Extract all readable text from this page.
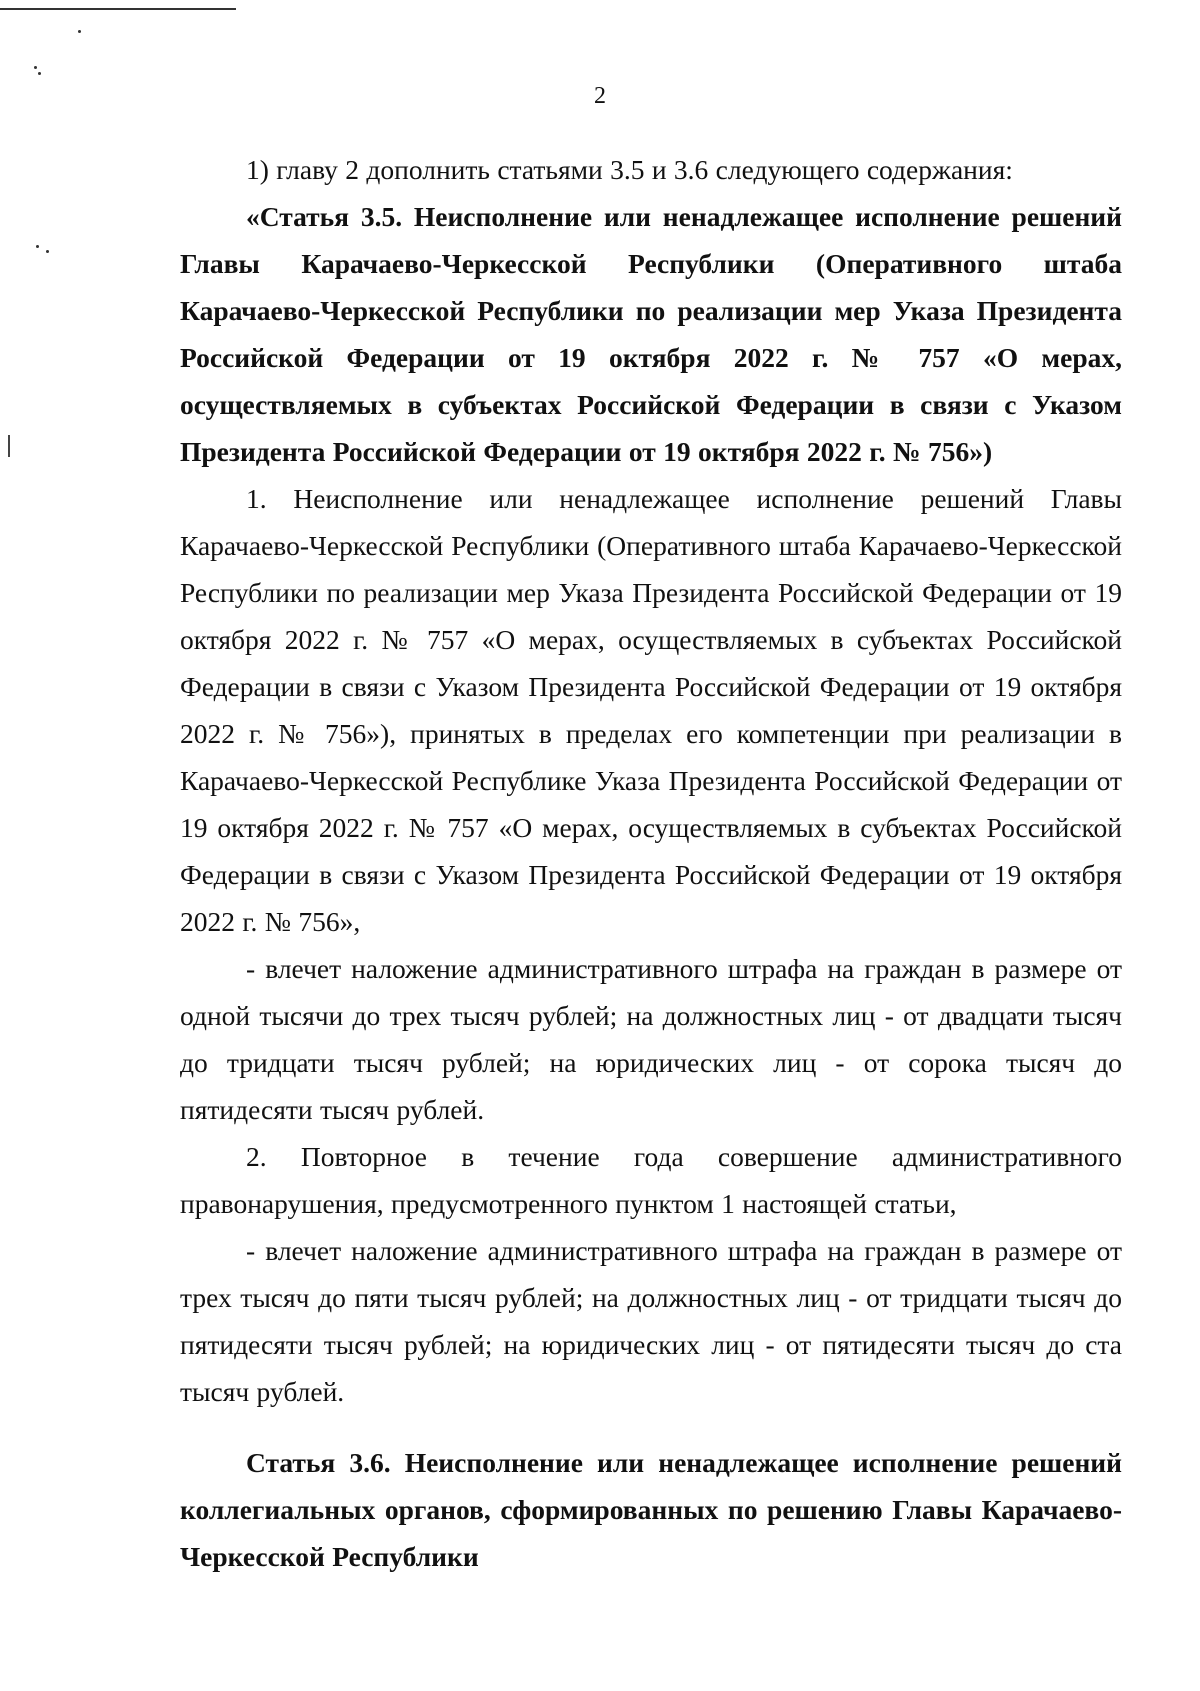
2

1) главу 2 дополнить статьями 3.5 и 3.6 следующего содержания:

«Статья 3.5. Неисполнение или ненадлежащее исполнение решений Главы Карачаево-Черкесской Республики (Оперативного штаба Карачаево-Черкесской Республики по реализации мер Указа Президента Российской Федерации от 19 октября 2022 г. № 757 «О мерах, осуществляемых в субъектах Российской Федерации в связи с Указом Президента Российской Федерации от 19 октября 2022 г. № 756»)

1. Неисполнение или ненадлежащее исполнение решений Главы Карачаево-Черкесской Республики (Оперативного штаба Карачаево-Черкесской Республики по реализации мер Указа Президента Российской Федерации от 19 октября 2022 г. № 757 «О мерах, осуществляемых в субъектах Российской Федерации в связи с Указом Президента Российской Федерации от 19 октября 2022 г. № 756»), принятых в пределах его компетенции при реализации в Карачаево-Черкесской Республике Указа Президента Российской Федерации от 19 октября 2022 г. № 757 «О мерах, осуществляемых в субъектах Российской Федерации в связи с Указом Президента Российской Федерации от 19 октября 2022 г. № 756»,

- влечет наложение административного штрафа на граждан в размере от одной тысячи до трех тысяч рублей; на должностных лиц - от двадцати тысяч до тридцати тысяч рублей; на юридических лиц - от сорока тысяч до пятидесяти тысяч рублей.

2. Повторное в течение года совершение административного правонарушения, предусмотренного пунктом 1 настоящей статьи,

- влечет наложение административного штрафа на граждан в размере от трех тысяч до пяти тысяч рублей; на должностных лиц - от тридцати тысяч до пятидесяти тысяч рублей; на юридических лиц - от пятидесяти тысяч до ста тысяч рублей.

Статья 3.6. Неисполнение или ненадлежащее исполнение решений коллегиальных органов, сформированных по решению Главы Карачаево-Черкесской Республики
